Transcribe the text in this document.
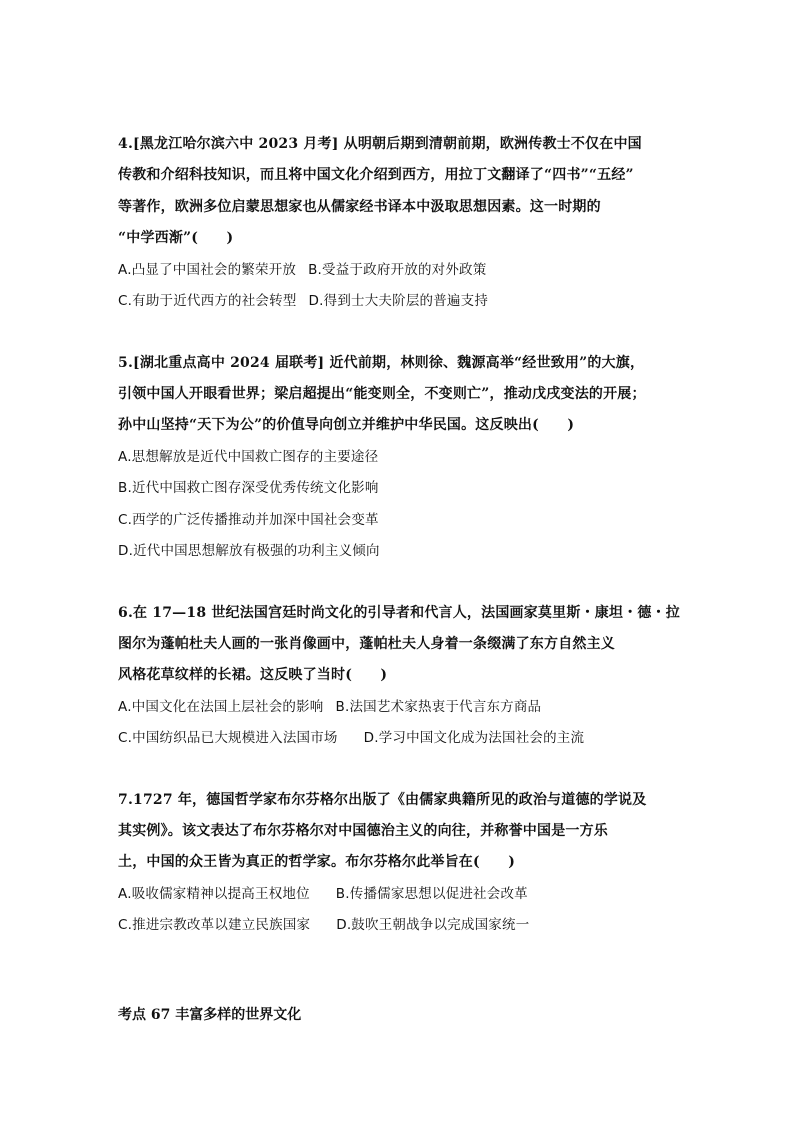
4.[黑龙江哈尔滨六中 2023 月考] 从明朝后期到清朝前期，欧洲传教士不仅在中国
传教和介绍科技知识，而且将中国文化介绍到西方，用拉丁文翻译了“四书”“五经”
等著作，欧洲多位启蒙思想家也从儒家经书译本中汲取思想因素。这一时期的
“中学西渐”(　　)
A.凸显了中国社会的繁荣开放 B.受益于政府开放的对外政策
C.有助于近代西方的社会转型 D.得到士大夫阶层的普遍支持
5.[湖北重点高中 2024 届联考] 近代前期，林则徐、魏源高举“经世致用”的大旗，
引领中国人开眼看世界；梁启超提出“能变则全，不变则亡”，推动戊戌变法的开展；
孙中山坚持“天下为公”的价值导向创立并维护中华民国。这反映出(　　)
A.思想解放是近代中国救亡图存的主要途径
B.近代中国救亡图存深受优秀传统文化影响
C.西学的广泛传播推动并加深中国社会变革
D.近代中国思想解放有极强的功利主义倾向
6.在 17—18 世纪法国宫廷时尚文化的引导者和代言人，法国画家莫里斯・康坦・德・拉
图尔为蓬帕杜夫人画的一张肖像画中，蓬帕杜夫人身着一条缀满了东方自然主义
风格花草纹样的长裙。这反映了当时(　　)
A.中国文化在法国上层社会的影响 B.法国艺术家热衷于代言东方商品
C.中国纺织品已大规模进入法国市场 D.学习中国文化成为法国社会的主流
7.1727 年，德国哲学家布尔芬格尔出版了《由儒家典籍所见的政治与道德的学说及
其实例》。该文表达了布尔芬格尔对中国德治主义的向往，并称誉中国是一方乐
土，中国的众王皆为真正的哲学家。布尔芬格尔此举旨在(　　)
A.吸收儒家精神以提高王权地位 B.传播儒家思想以促进社会改革
C.推进宗教改革以建立民族国家 D.鼓吹王朝战争以完成国家统一
考点 67 丰富多样的世界文化
